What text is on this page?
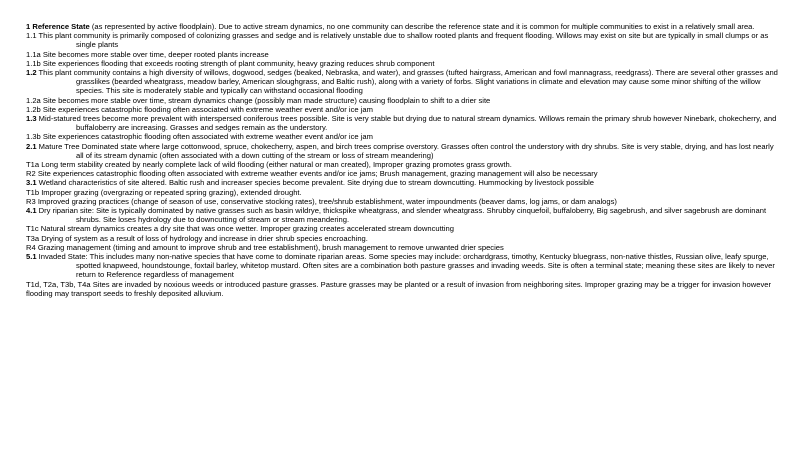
1 Reference State (as represented by active floodplain). Due to active stream dynamics, no one community can describe the reference state and it is common for multiple communities to exist in a relatively small area.

1.1 This plant community is primarily composed of colonizing grasses and sedge and is relatively unstable due to shallow rooted plants and frequent flooding. Willows may exist on site but are typically in small clumps or as single plants

1.1a Site becomes more stable over time, deeper rooted plants increase

1.1b Site experiences flooding that exceeds rooting strength of plant community, heavy grazing reduces shrub component

1.2 This plant community contains a high diversity of willows, dogwood, sedges (beaked, Nebraska, and water), and grasses (tufted hairgrass, American and fowl mannagrass, reedgrass). There are several other grasses and grasslikes (bearded wheatgrass, meadow barley, American sloughgrass, and Baltic rush), along with a variety of forbs. Slight variations in climate and elevation may cause some minor shifting of the willow species. This site is moderately stable and typically can withstand occasional flooding

1.2a Site becomes more stable over time, stream dynamics change (possibly man made structure) causing floodplain to shift to a drier site

1.2b Site experiences catastrophic flooding often associated with extreme weather event and/or ice jam

1.3 Mid-statured trees become more prevalent with interspersed coniferous trees possible. Site is very stable but drying due to natural stream dynamics. Willows remain the primary shrub however Ninebark, chokecherry, and buffaloberry are increasing. Grasses and sedges remain as the understory.

1.3b Site experiences catastrophic flooding often associated with extreme weather event and/or ice jam

2.1 Mature Tree Dominated state where large cottonwood, spruce, chokecherry, aspen, and birch trees comprise overstory. Grasses often control the understory with dry shrubs. Site is very stable, drying, and has lost nearly all of its stream dynamic (often associated with a down cutting of the stream or loss of stream meandering)

T1a Long term stability created by nearly complete lack of wild flooding (either natural or man created), Improper grazing promotes grass growth.

R2 Site experiences catastrophic flooding often associated with extreme weather events and/or ice jams; Brush management, grazing management will also be necessary

3.1 Wetland characteristics of site altered. Baltic rush and increaser species become prevalent. Site drying due to stream downcutting. Hummocking by livestock possible

T1b Improper grazing (overgrazing or repeated spring grazing), extended drought.

R3 Improved grazing practices (change of season of use, conservative stocking rates), tree/shrub establishment, water impoundments (beaver dams, log jams, or dam analogs)

4.1 Dry riparian site: Site is typically dominated by native grasses such as basin wildrye, thickspike wheatgrass, and slender wheatgrass. Shrubby cinquefoil, buffaloberry, Big sagebrush, and silver sagebrush are dominant shrubs. Site loses hydrology due to downcutting of stream or stream meandering.

T1c Natural stream dynamics creates a dry site that was once wetter. Improper grazing creates accelerated stream downcutting

T3a Drying of system as a result of loss of hydrology and increase in drier shrub species encroaching.

R4 Grazing management (timing and amount to improve shrub and tree establishment), brush management to remove unwanted drier species

5.1 Invaded State: This includes many non-native species that have come to dominate riparian areas. Some species may include: orchardgrass, timothy, Kentucky bluegrass, non-native thistles, Russian olive, leafy spurge, spotted knapweed, houndstounge, foxtail barley, whitetop mustard. Often sites are a combination both pasture grasses and invading weeds. Site is often a terminal state; meaning these sites are likely to never return to Reference regardless of management

T1d, T2a, T3b, T4a Sites are invaded by noxious weeds or introduced pasture grasses. Pasture grasses may be planted or a result of invasion from neighboring sites. Improper grazing may be a trigger for invasion however flooding may transport seeds to freshly deposited alluvium.
